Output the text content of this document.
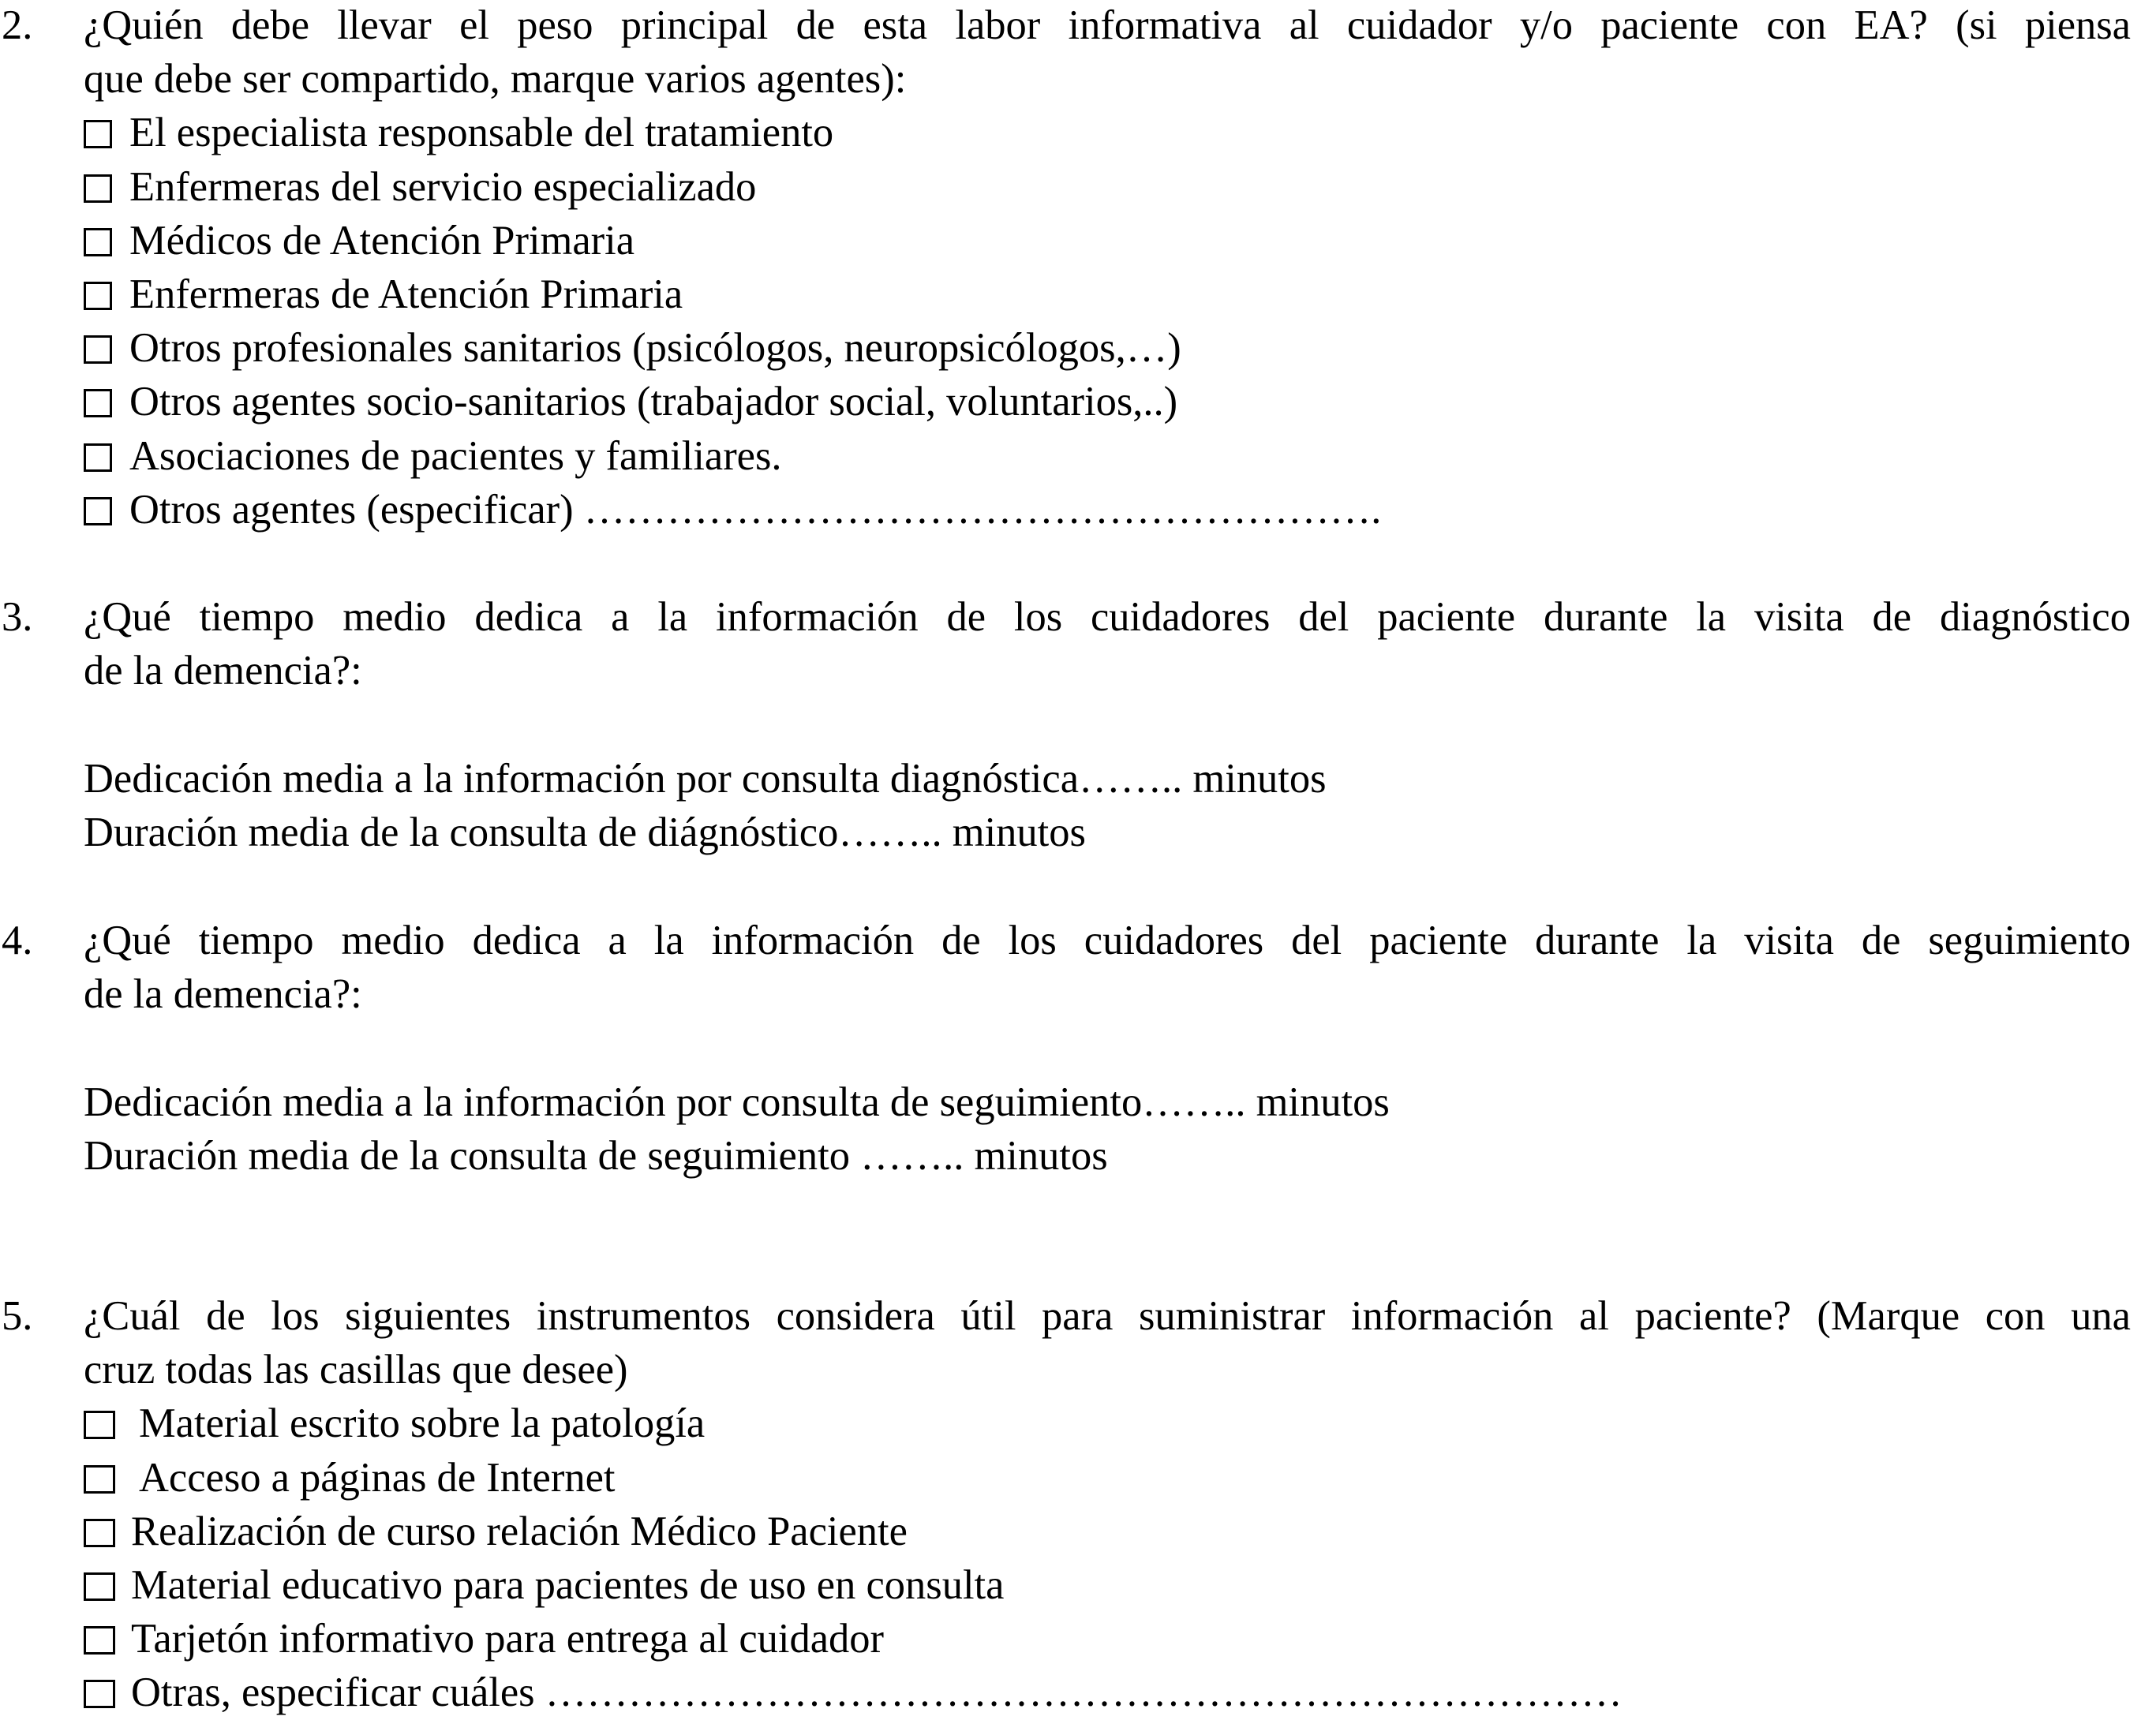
2. ¿Quién debe llevar el peso principal de esta labor informativa al cuidador y/o paciente con EA? (si piensa
que debe ser compartido, marque varios agentes):
El especialista responsable del tratamiento
Enfermeras del servicio especializado
Médicos de Atención Primaria
Enfermeras de Atención Primaria
Otros profesionales sanitarios (psicólogos, neuropsicólogos,…)
Otros agentes socio-sanitarios (trabajador social, voluntarios,..)
Asociaciones de pacientes y familiares.
Otros agentes (especificar) ………………………………………………….
3. ¿Qué tiempo medio dedica a la información de los cuidadores del paciente durante la visita de diagnóstico
de la demencia?:
Dedicación media a la información por consulta diagnóstica…….. minutos
Duración media de la consulta de diágnóstico…….. minutos
4. ¿Qué tiempo medio dedica a la información de los cuidadores del paciente durante la visita de seguimiento
de la demencia?:
Dedicación media a la información por consulta de seguimiento…….. minutos
Duración media de la consulta de seguimiento …….. minutos
5. ¿Cuál de los siguientes instrumentos considera útil para suministrar información al paciente? (Marque con una
cruz todas las casillas que desee)
Material escrito sobre la patología
Acceso a páginas de Internet
Realización de curso relación Médico Paciente
Material educativo para pacientes de uso en consulta
Tarjetón informativo para entrega al cuidador
Otras, especificar cuáles ……………………………………………………………………
